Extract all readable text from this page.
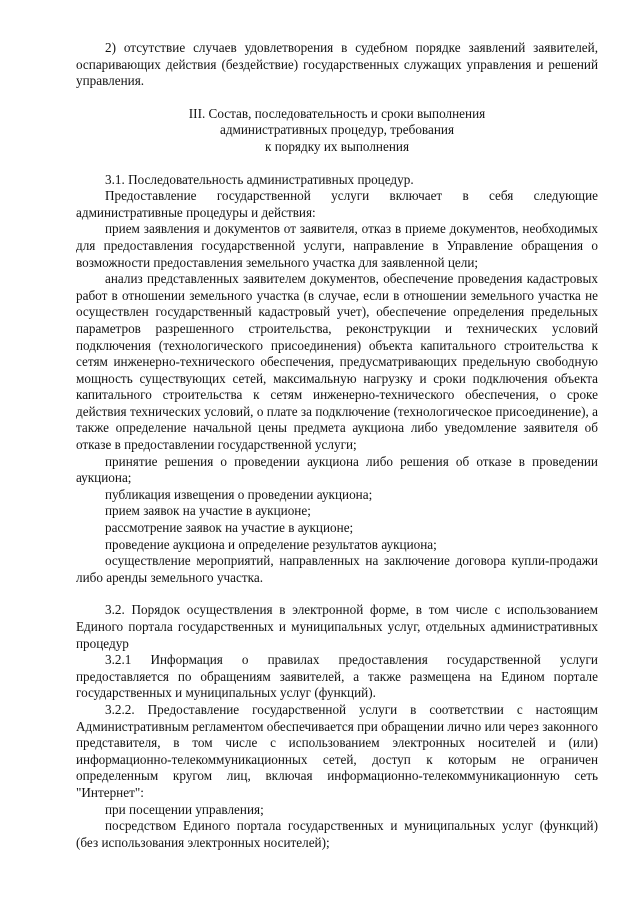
2) отсутствие случаев удовлетворения в судебном порядке заявлений заявителей, оспаривающих действия (бездействие) государственных служащих управления и решений управления.

III. Состав, последовательность и сроки выполнения
административных процедур, требования
к порядку их выполнения

3.1. Последовательность административных процедур.

Предоставление государственной услуги включает в себя следующие административные процедуры и действия:

прием заявления и документов от заявителя, отказ в приеме документов, необходимых для предоставления государственной услуги, направление в Управление обращения о возможности предоставления земельного участка для заявленной цели;

анализ представленных заявителем документов, обеспечение проведения кадастровых работ в отношении земельного участка (в случае, если в отношении земельного участка не осуществлен государственный кадастровый учет), обеспечение определения предельных параметров разрешенного строительства, реконструкции и технических условий подключения (технологического присоединения) объекта капитального строительства к сетям инженерно-технического обеспечения, предусматривающих предельную свободную мощность существующих сетей, максимальную нагрузку и сроки подключения объекта капитального строительства к сетям инженерно-технического обеспечения, о сроке действия технических условий, о плате за подключение (технологическое присоединение), а также определение начальной цены предмета аукциона либо уведомление заявителя об отказе в предоставлении государственной услуги;

принятие решения о проведении аукциона либо решения об отказе в проведении аукциона;

публикация извещения о проведении аукциона;

прием заявок на участие в аукционе;

рассмотрение заявок на участие в аукционе;

проведение аукциона и определение результатов аукциона;

осуществление мероприятий, направленных на заключение договора купли-продажи либо аренды земельного участка.

3.2. Порядок осуществления в электронной форме, в том числе с использованием Единого портала государственных и муниципальных услуг, отдельных административных процедур

3.2.1 Информация о правилах предоставления государственной услуги предоставляется по обращениям заявителей, а также размещена на Едином портале государственных и муниципальных услуг (функций).

3.2.2. Предоставление государственной услуги в соответствии с настоящим Административным регламентом обеспечивается при обращении лично или через законного представителя, в том числе с использованием электронных носителей и (или) информационно-телекоммуникационных сетей, доступ к которым не ограничен определенным кругом лиц, включая информационно-телекоммуникационную сеть "Интернет":

при посещении управления;

посредством Единого портала государственных и муниципальных услуг (функций) (без использования электронных носителей);
